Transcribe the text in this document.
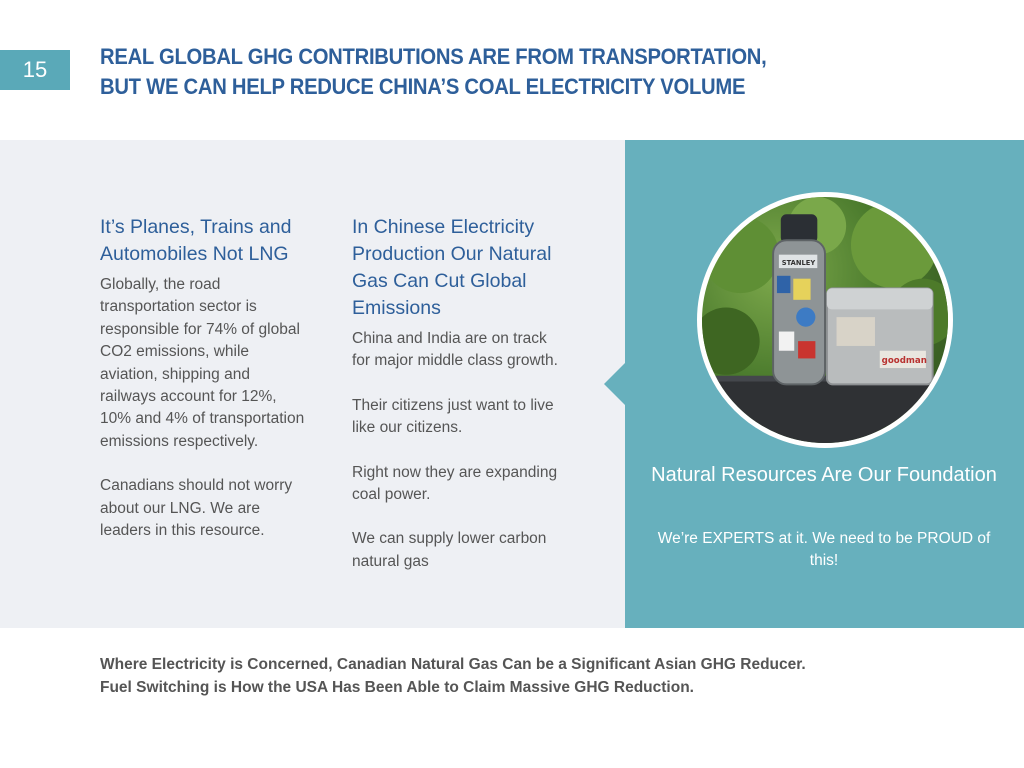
15
REAL GLOBAL GHG CONTRIBUTIONS ARE FROM TRANSPORTATION,
BUT WE CAN HELP REDUCE CHINA’S COAL ELECTRICITY VOLUME
It’s Planes, Trains and Automobiles Not LNG

Globally, the road transportation sector is responsible for 74% of global CO2 emissions, while aviation, shipping and railways account for 12%, 10% and 4% of transportation emissions respectively.

Canadians should not worry about our LNG. We are leaders in this resource.

In Chinese Electricity Production Our Natural Gas Can Cut Global Emissions

China and India are on track for major middle class growth.

Their citizens just want to live like our citizens.

Right now they are expanding coal power.

We can supply lower carbon natural gas

goodman
STANLEY
Natural Resources Are Our Foundation
We’re EXPERTS at it. We need to be PROUD of this!
Where Electricity is Concerned, Canadian Natural Gas Can be a Significant Asian GHG Reducer.
Fuel Switching is How the USA Has Been Able to Claim Massive GHG Reduction.
